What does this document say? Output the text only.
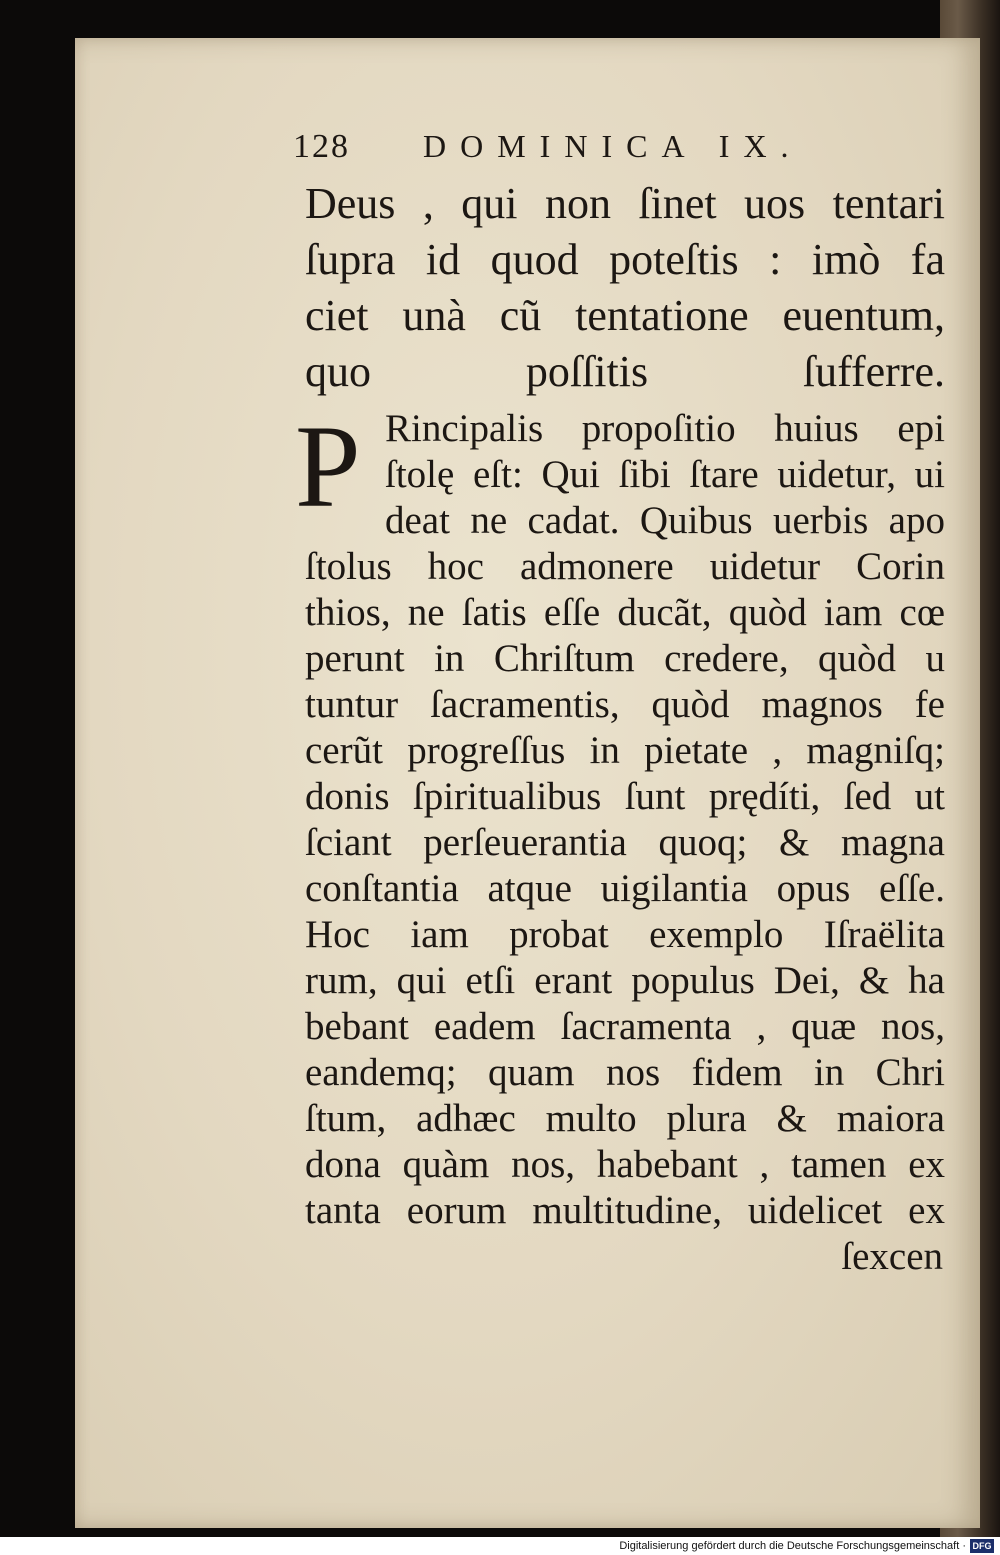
128 DOMINICA IX.
Deus , qui non ſinet uos tentari
ſupra id quod poteſtis : imò fa
ciet unà cũ tentatione euentum,
quo poſſitis ſufferre.
P Rincipalis propoſitio huius epi
ſtolę eſt: Qui ſibi ſtare uidetur, ui
deat ne cadat. Quibus uerbis apo
ſtolus hoc admonere uidetur Corin
thios, ne ſatis eſſe ducãt, quòd iam cœ
perunt in Chriſtum credere, quòd u
tuntur ſacramentis, quòd magnos fe
cerũt progreſſus in pietate , magniſq;
donis ſpiritualibus ſunt prędíti, ſed ut
ſciant perſeuerantia quoq; & magna
conſtantia atque uigilantia opus eſſe.
Hoc iam probat exemplo Iſraëlita
rum, qui etſi erant populus Dei, & ha
bebant eadem ſacramenta , quæ nos,
eandemq; quam nos fidem in Chri
ſtum, adhæc multo plura & maiora
dona quàm nos, habebant , tamen ex
tanta eorum multitudine, uidelicet ex
ſexcen
Digitalisierung gefördert durch die Deutsche Forschungsgemeinschaft · DFG
